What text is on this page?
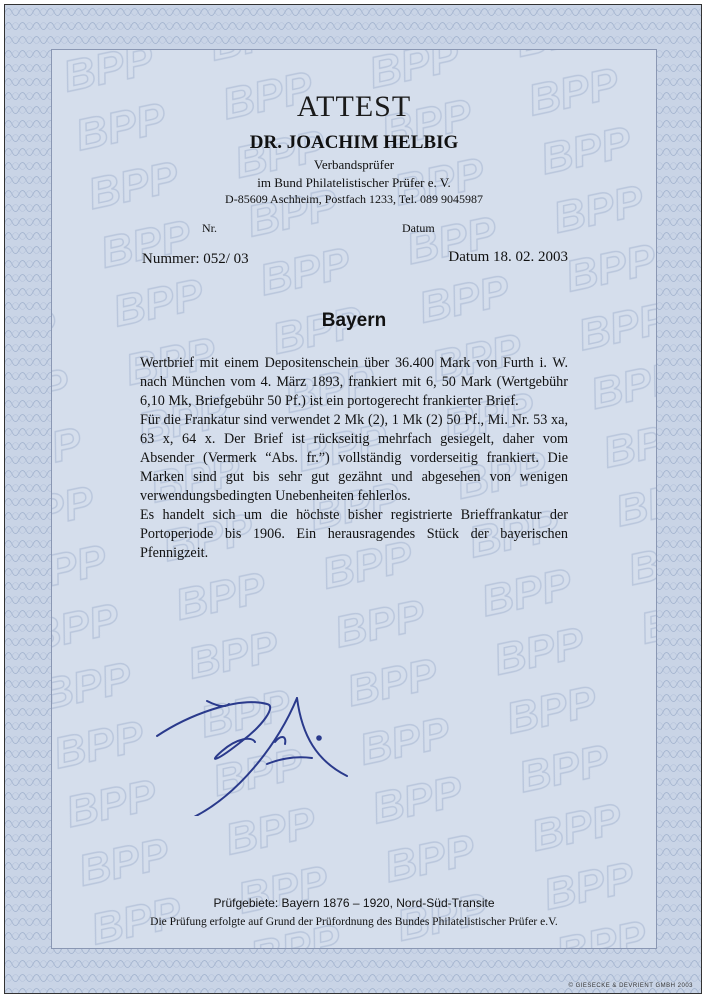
ATTEST
DR. JOACHIM HELBIG
Verbandsprüfer
im Bund Philatelistischer Prüfer e. V.
D-85609 Aschheim, Postfach 1233, Tel. 089 9045987
Nr.	Datum
Nummer: 052/ 03	Datum 18. 02. 2003
Bayern

Wertbrief mit einem Depositenschein über 36.400 Mark von Furth i. W. nach München vom 4. März 1893, frankiert mit 6, 50 Mark (Wertgebühr 6,10 Mk, Briefgebühr 50 Pf.) ist ein portogerecht frankierter Brief.

Für die Frankatur sind verwendet 2 Mk (2), 1 Mk (2) 50 Pf., Mi. Nr. 53 xa, 63 x, 64 x. Der Brief ist rückseitig mehrfach gesiegelt, daher vom Absender (Vermerk “Abs. fr.”) vollständig vorderseitig frankiert. Die Marken sind gut bis sehr gut gezähnt und abgesehen von wenigen verwendungsbedingten Unebenheiten fehlerlos.

Es handelt sich um die höchste bisher registrierte Brieffrankatur der Portoperiode bis 1906. Ein herausragendes Stück der bayerischen Pfennigzeit.

Prüfgebiete: Bayern 1876 – 1920, Nord-Süd-Transite
Die Prüfung erfolgte auf Grund der Prüfordnung des Bundes Philatelistischer Prüfer e.V.
© GIESECKE & DEVRIENT GMBH 2003
